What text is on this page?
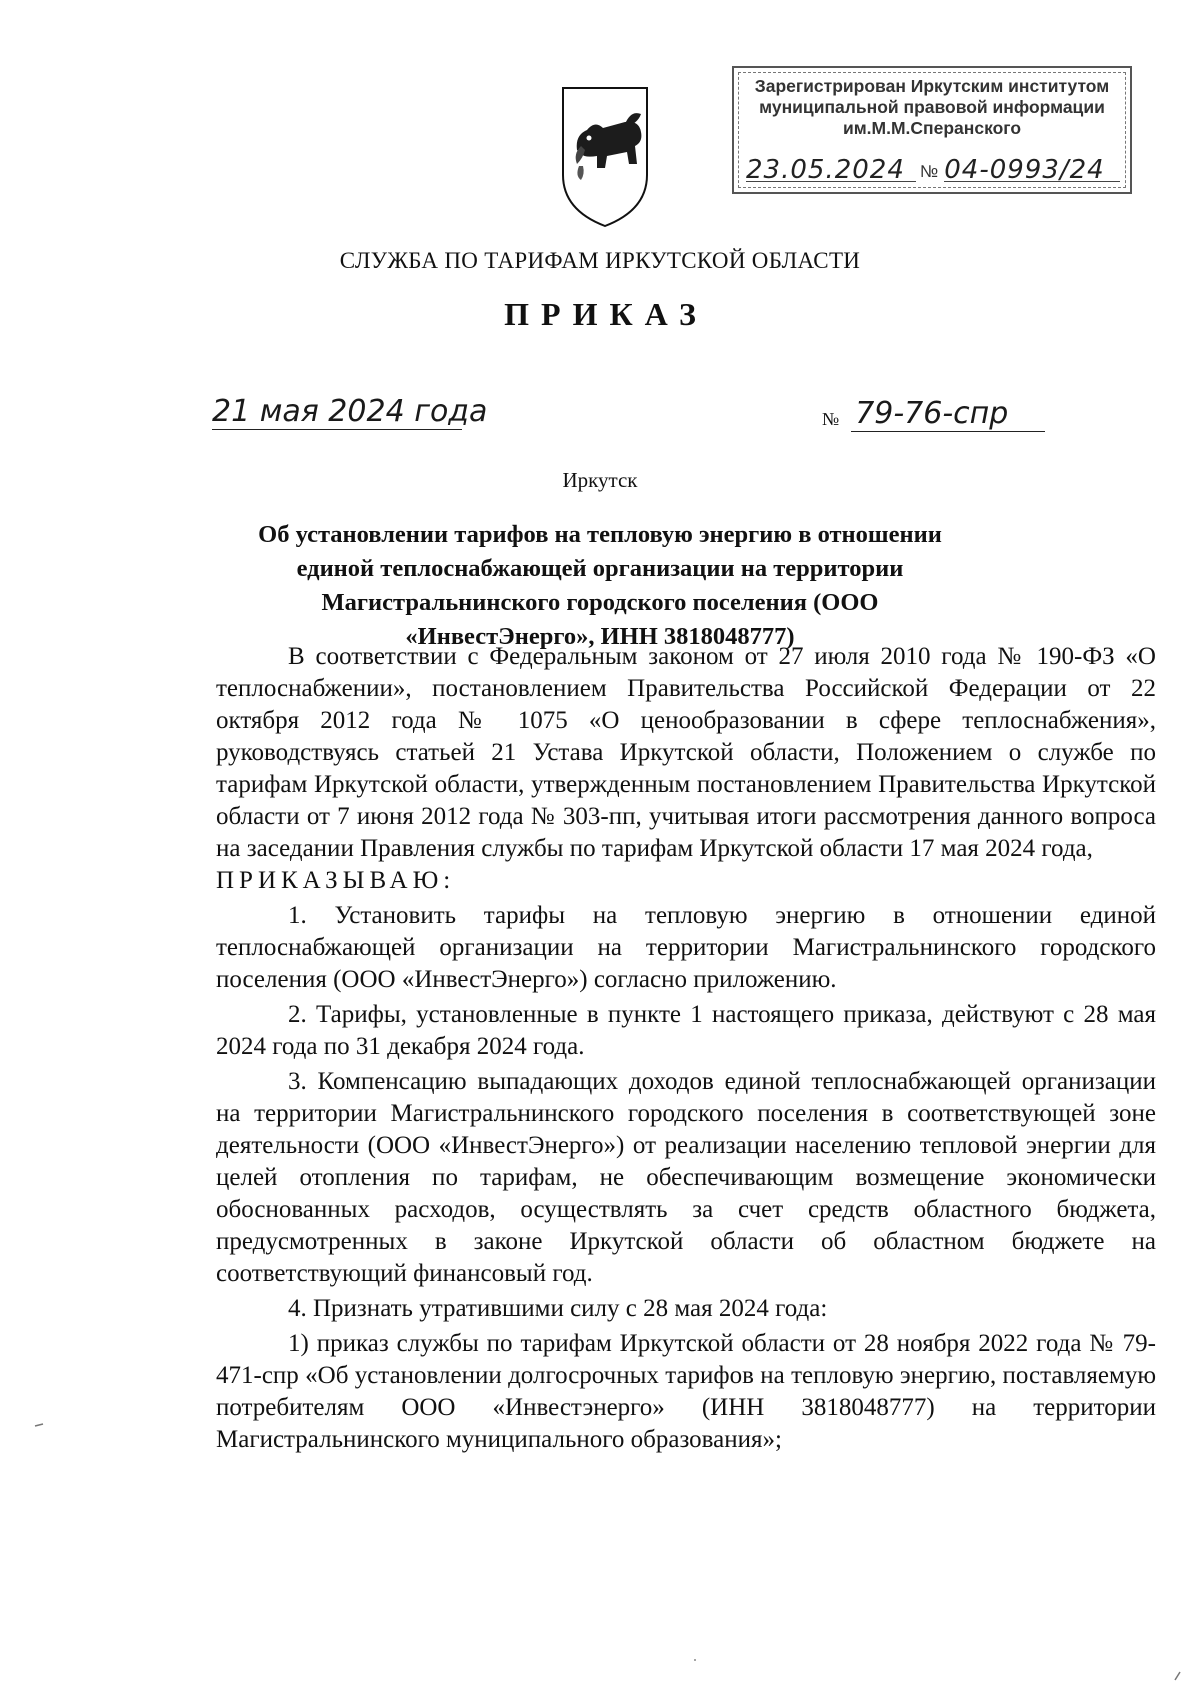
Зарегистрирован Иркутским институтом
муниципальной правовой информации
им.М.М.Сперанского
23.05.2024 № 04-0993/24
СЛУЖБА ПО ТАРИФАМ ИРКУТСКОЙ ОБЛАСТИ
ПРИКАЗ
21 мая 2024 года	№ 79-76-спр
Иркутск
Об установлении тарифов на тепловую энергию в отношении единой теплоснабжающей организации на территории Магистральнинского городского поселения (ООО «ИнвестЭнерго», ИНН 3818048777)

В соответствии с Федеральным законом от 27 июля 2010 года № 190-ФЗ «О теплоснабжении», постановлением Правительства Российской Федерации от 22 октября 2012 года № 1075 «О ценообразовании в сфере теплоснабжения», руководствуясь статьей 21 Устава Иркутской области, Положением о службе по тарифам Иркутской области, утвержденным постановлением Правительства Иркутской области от 7 июня 2012 года № 303-пп, учитывая итоги рассмотрения данного вопроса на заседании Правления службы по тарифам Иркутской области 17 мая 2024 года,

ПРИКАЗЫВАЮ:

1. Установить тарифы на тепловую энергию в отношении единой теплоснабжающей организации на территории Магистральнинского городского поселения (ООО «ИнвестЭнерго») согласно приложению.

2. Тарифы, установленные в пункте 1 настоящего приказа, действуют с 28 мая 2024 года по 31 декабря 2024 года.

3. Компенсацию выпадающих доходов единой теплоснабжающей организации на территории Магистральнинского городского поселения в соответствующей зоне деятельности (ООО «ИнвестЭнерго») от реализации населению тепловой энергии для целей отопления по тарифам, не обеспечивающим возмещение экономически обоснованных расходов, осуществлять за счет средств областного бюджета, предусмотренных в законе Иркутской области об областном бюджете на соответствующий финансовый год.

4. Признать утратившими силу с 28 мая 2024 года:

1) приказ службы по тарифам Иркутской области от 28 ноября 2022 года № 79-471-спр «Об установлении долгосрочных тарифов на тепловую энергию, поставляемую потребителям ООО «Инвестэнерго» (ИНН 3818048777) на территории Магистральнинского муниципального образования»;
